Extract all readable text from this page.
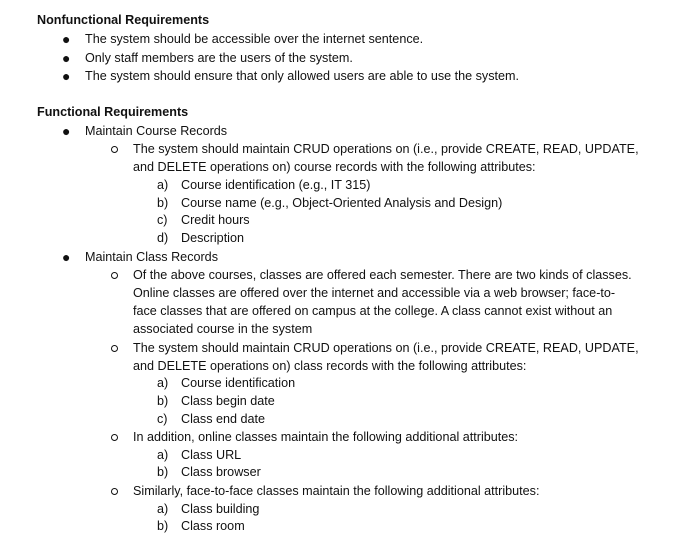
Nonfunctional Requirements
● The system should be accessible over the internet sentence.
● Only staff members are the users of the system.
● The system should ensure that only allowed users are able to use the system.
Functional Requirements
● Maintain Course Records
The system should maintain CRUD operations on (i.e., provide CREATE, READ, UPDATE,
and DELETE operations on) course records with the following attributes:
a) Course identification (e.g., IT 315)
b) Course name (e.g., Object-Oriented Analysis and Design)
c) Credit hours
d) Description
● Maintain Class Records
Of the above courses, classes are offered each semester. There are two kinds of classes.
Online classes are offered over the internet and accessible via a web browser; face-to-
face classes that are offered on campus at the college. A class cannot exist without an
associated course in the system
The system should maintain CRUD operations on (i.e., provide CREATE, READ, UPDATE,
and DELETE operations on) class records with the following attributes:
a) Course identification
b) Class begin date
c) Class end date
In addition, online classes maintain the following additional attributes:
a) Class URL
b) Class browser
Similarly, face-to-face classes maintain the following additional attributes:
a) Class building
b) Class room
